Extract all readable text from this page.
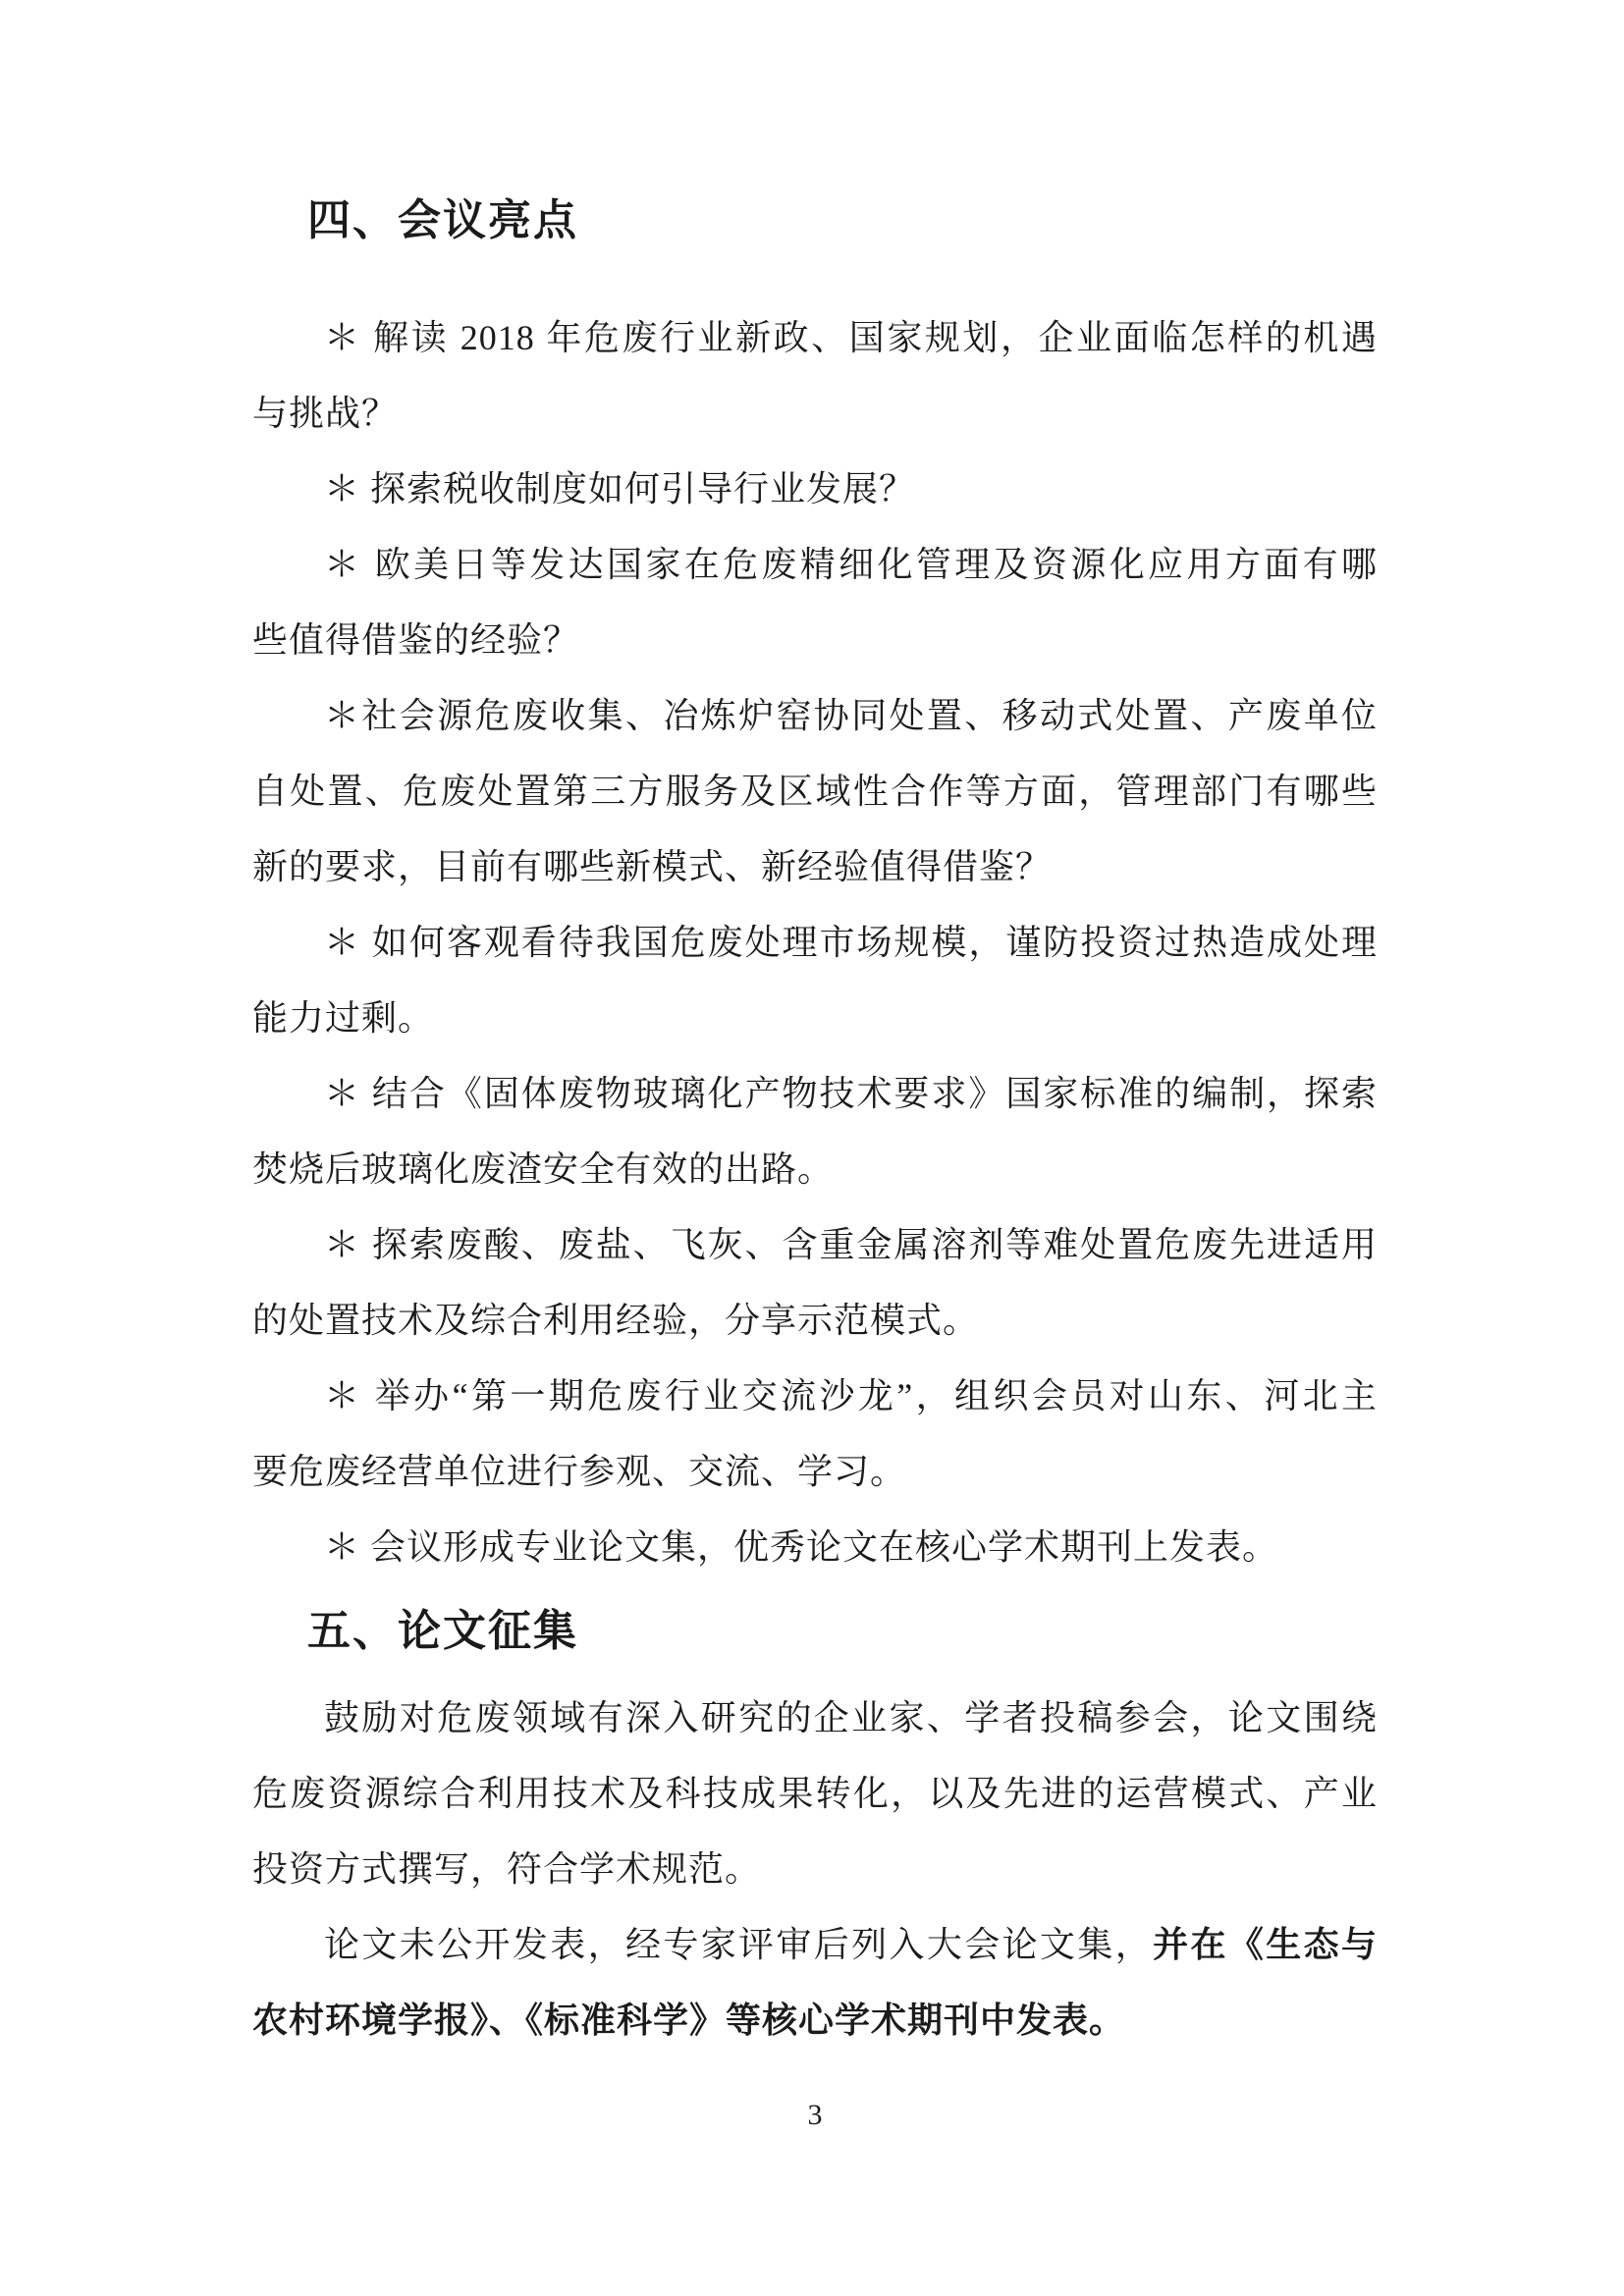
四、会议亮点
＊ 解读 2018 年危废行业新政、国家规划，企业面临怎样的机遇
与挑战？
＊ 探索税收制度如何引导行业发展？
＊ 欧美日等发达国家在危废精细化管理及资源化应用方面有哪
些值得借鉴的经验？
＊社会源危废收集、冶炼炉窑协同处置、移动式处置、产废单位
自处置、危废处置第三方服务及区域性合作等方面，管理部门有哪些
新的要求，目前有哪些新模式、新经验值得借鉴？
＊ 如何客观看待我国危废处理市场规模，谨防投资过热造成处理
能力过剩。
＊ 结合《固体废物玻璃化产物技术要求》国家标准的编制，探索
焚烧后玻璃化废渣安全有效的出路。
＊ 探索废酸、废盐、飞灰、含重金属溶剂等难处置危废先进适用
的处置技术及综合利用经验，分享示范模式。
＊ 举办“第一期危废行业交流沙龙”，组织会员对山东、河北主
要危废经营单位进行参观、交流、学习。
＊ 会议形成专业论文集，优秀论文在核心学术期刊上发表。
五、论文征集
鼓励对危废领域有深入研究的企业家、学者投稿参会，论文围绕
危废资源综合利用技术及科技成果转化，以及先进的运营模式、产业
投资方式撰写，符合学术规范。
论文未公开发表，经专家评审后列入大会论文集，并在《生态与
农村环境学报》、《标准科学》等核心学术期刊中发表。
3
